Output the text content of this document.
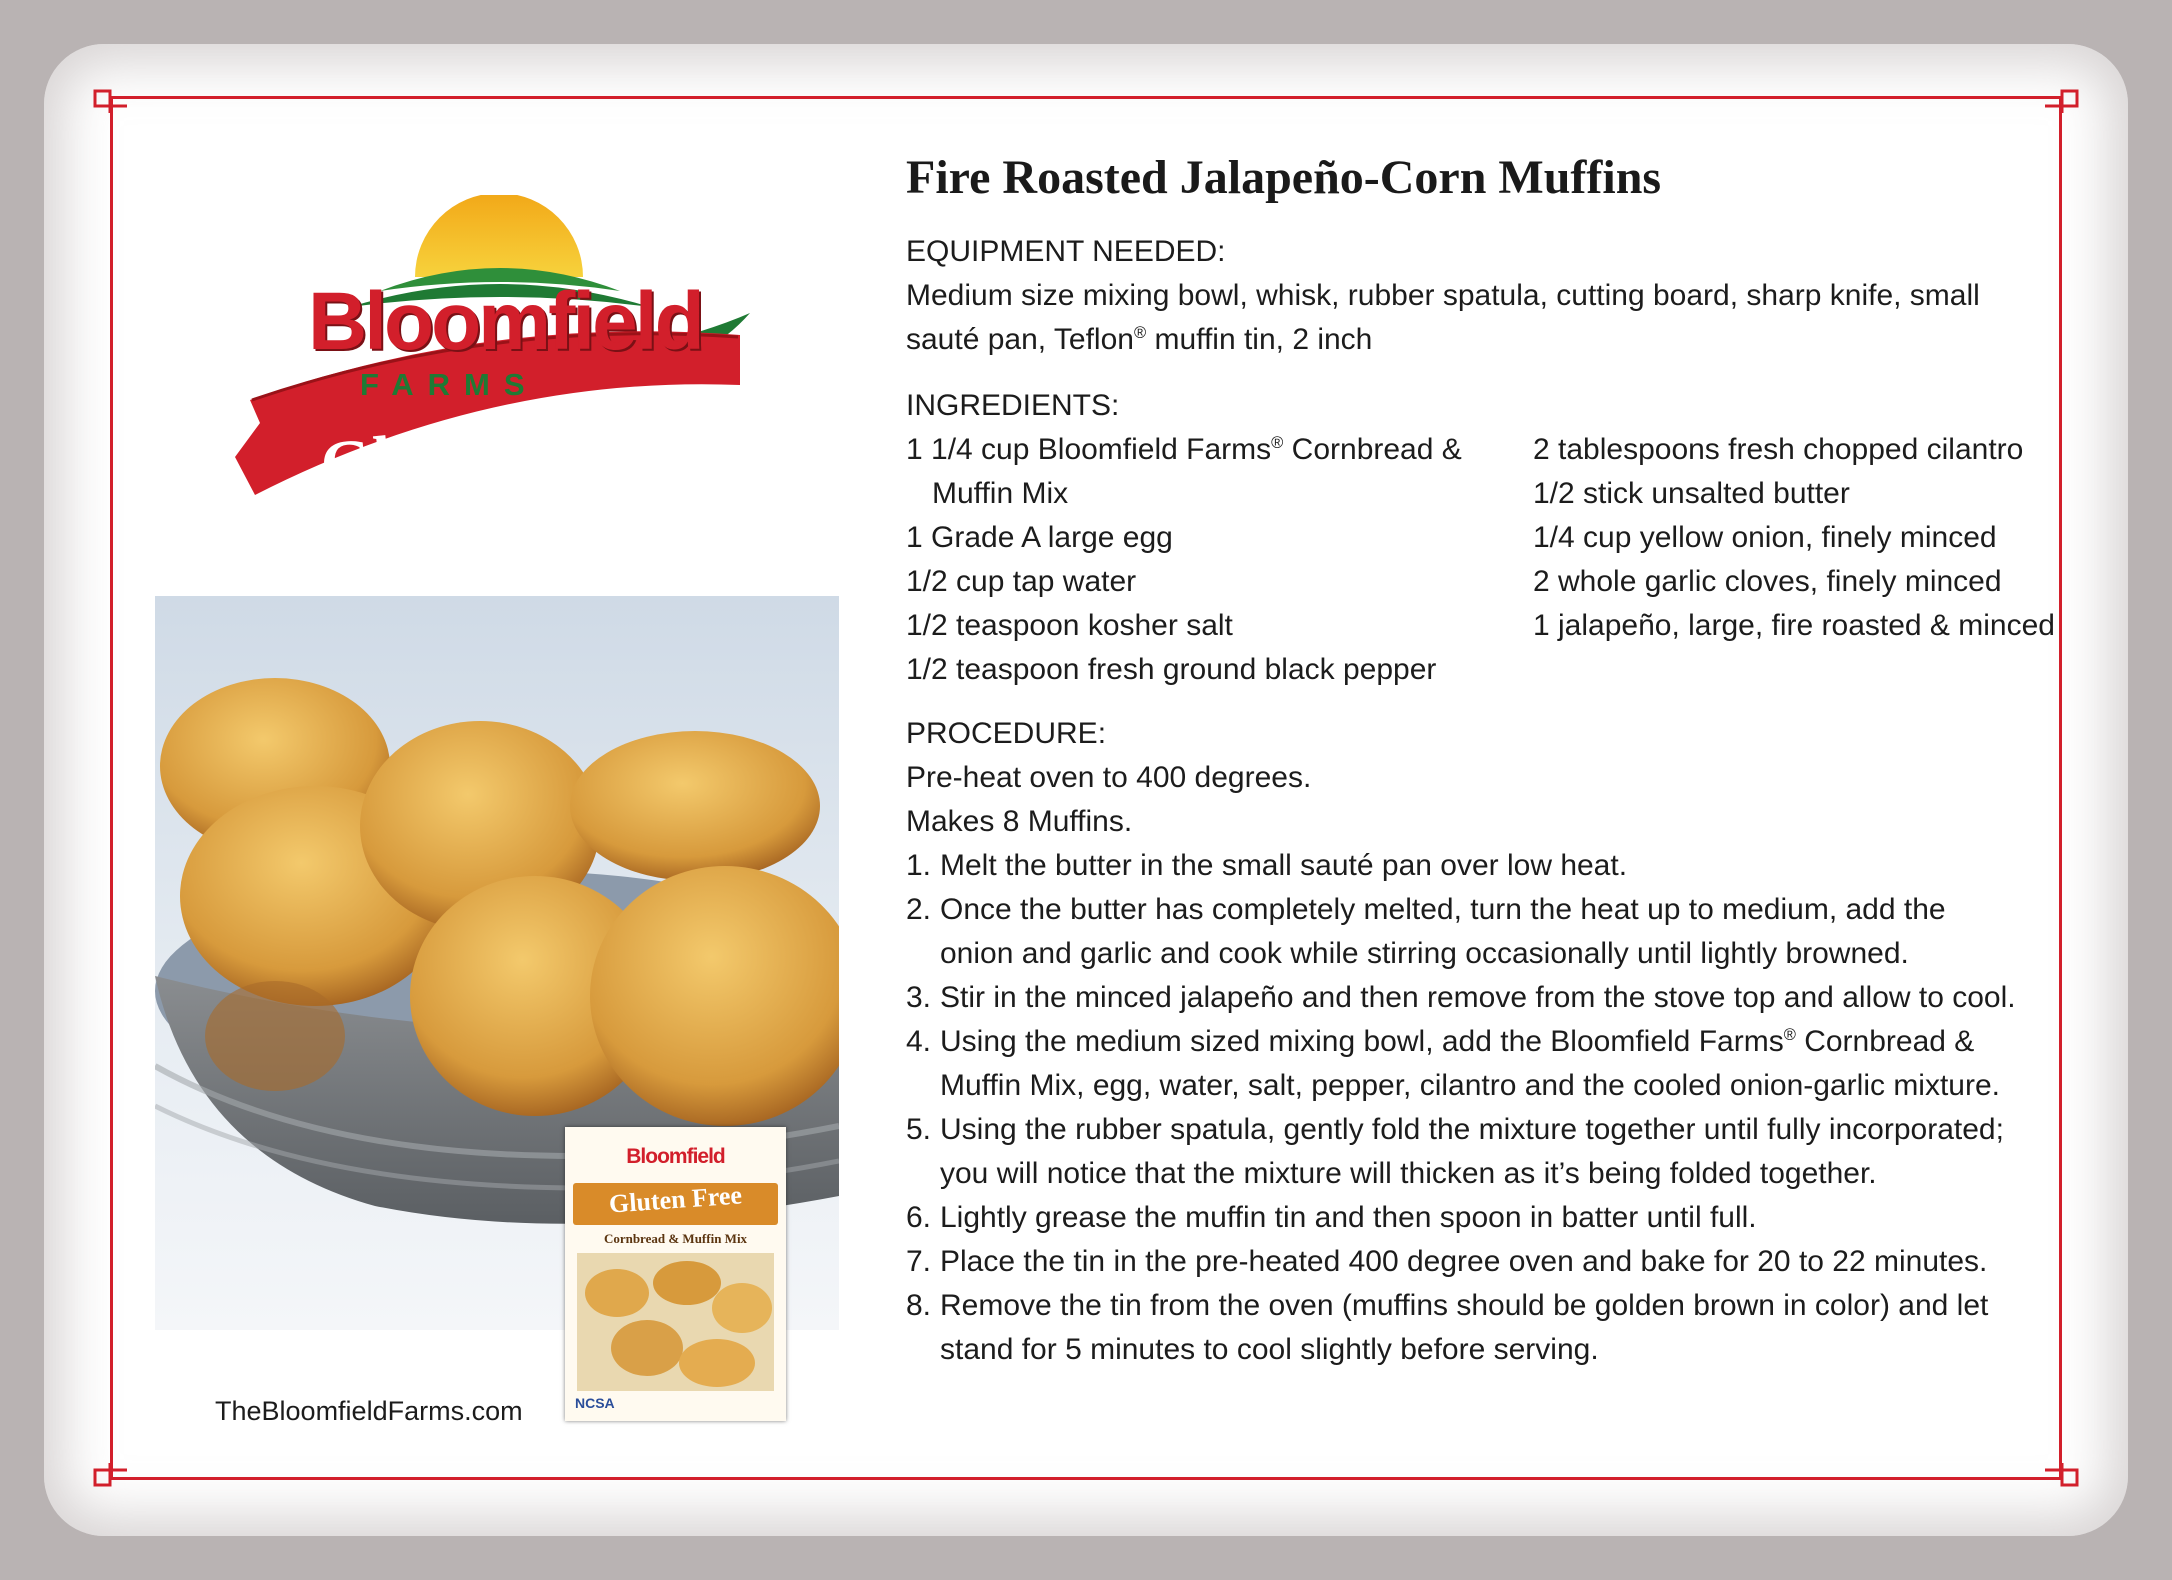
Bloomfield
FARMS
Gluten Free
Bloomfield
Gluten Free
Cornbread & Muffin Mix
NCSA
TheBloomfieldFarms.com
Fire Roasted Jalapeño-Corn Muffins
EQUIPMENT NEEDED:
Medium size mixing bowl, whisk, rubber spatula, cutting board, sharp knife, small
sauté pan, Teflon® muffin tin, 2 inch
INGREDIENTS:
1 1/4 cup Bloomfield Farms® Cornbread &
Muffin Mix
1 Grade A large egg
1/2 cup tap water
1/2 teaspoon kosher salt
1/2 teaspoon fresh ground black pepper
2 tablespoons fresh chopped cilantro
1/2 stick unsalted butter
1/4 cup yellow onion, finely minced
2 whole garlic cloves, finely minced
1 jalapeño, large, fire roasted & minced
PROCEDURE:
Pre-heat oven to 400 degrees.
Makes 8 Muffins.
1. Melt the butter in the small sauté pan over low heat.
2. Once the butter has completely melted, turn the heat up to medium, add the
onion and garlic and cook while stirring occasionally until lightly browned.
3. Stir in the minced jalapeño and then remove from the stove top and allow to cool.
4. Using the medium sized mixing bowl, add the Bloomfield Farms® Cornbread &
Muffin Mix, egg, water, salt, pepper, cilantro and the cooled onion-garlic mixture.
5. Using the rubber spatula, gently fold the mixture together until fully incorporated;
you will notice that the mixture will thicken as it’s being folded together.
6. Lightly grease the muffin tin and then spoon in batter until full.
7. Place the tin in the pre-heated 400 degree oven and bake for 20 to 22 minutes.
8. Remove the tin from the oven (muffins should be golden brown in color) and let
stand for 5 minutes to cool slightly before serving.
